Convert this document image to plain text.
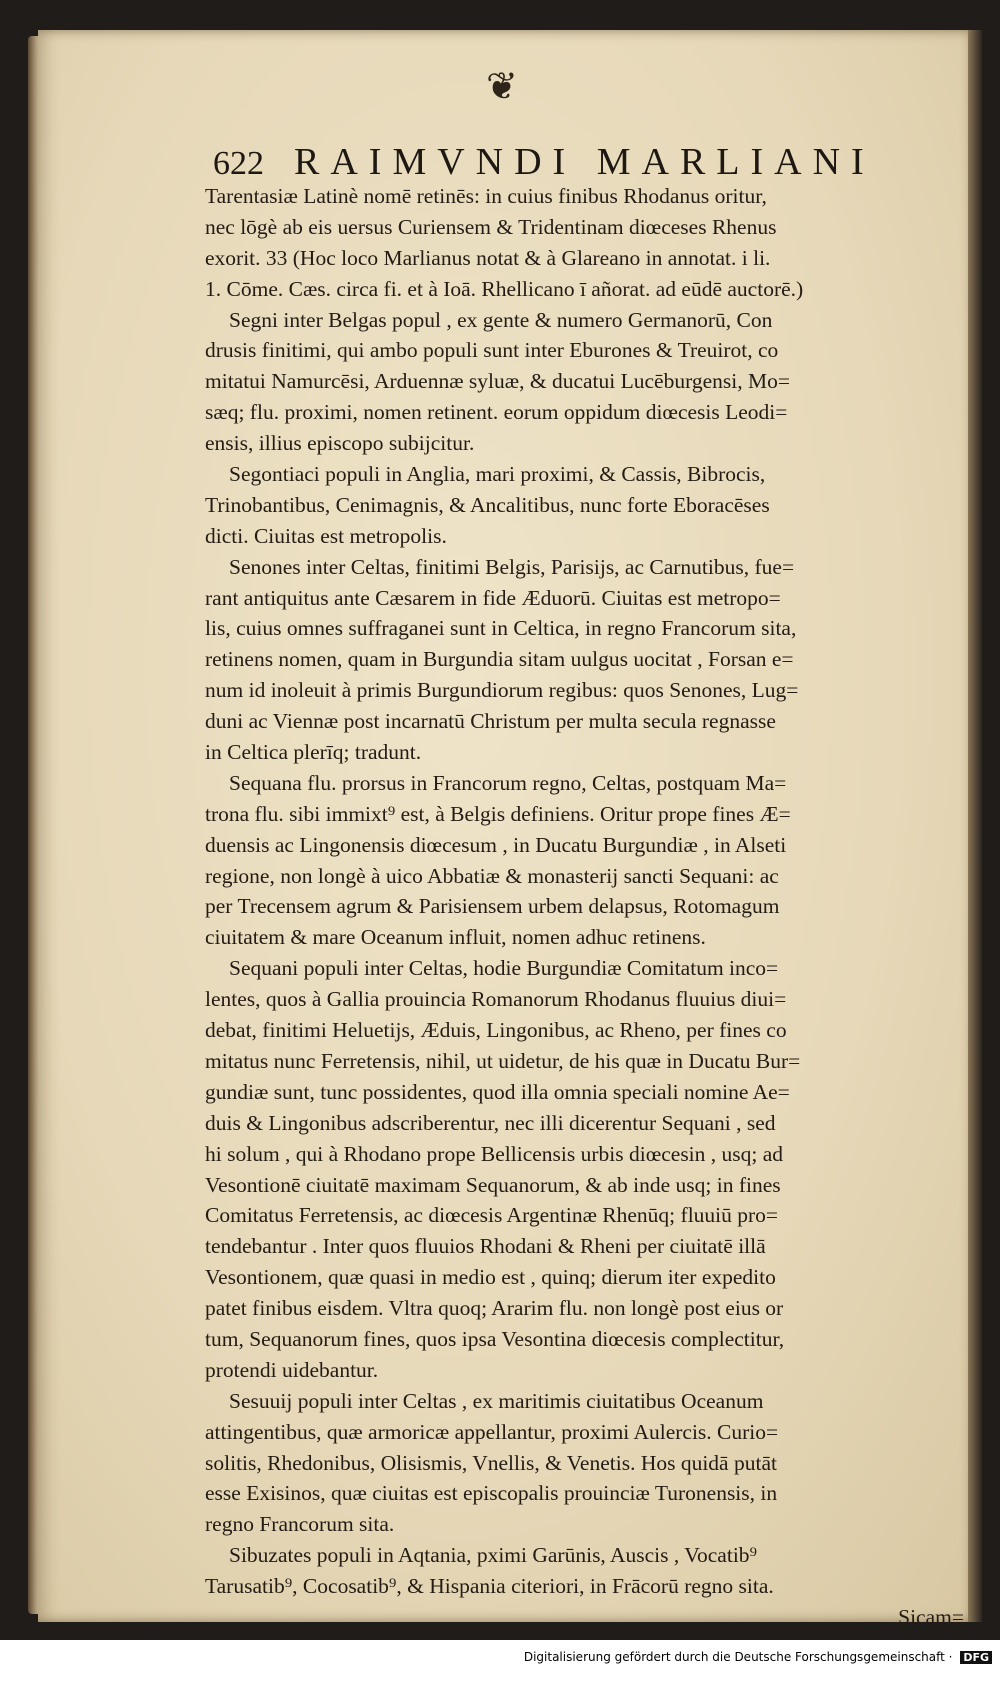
❦
622 RAIMVNDI MARLIANI
Tarentasiæ Latinè nomē retinēs: in cuius finibus Rhodanus oritur,
nec lōgè ab eis uersus Curiensem & Tridentinam diœceses Rhenus
exorit. 33 (Hoc loco Marlianus notat & à Glareano in annotat. i li.
1. Cōme. Cæs. circa fi. et à Ioā. Rhellicano ī añorat. ad eūdē auctorē.)
Segni inter Belgas popul , ex gente & numero Germanorū, Con
drusis finitimi, qui ambo populi sunt inter Eburones & Treuirot, co
mitatui Namurcēsi, Arduennæ syluæ, & ducatui Lucēburgensi, Mo=
sæq; flu. proximi, nomen retinent. eorum oppidum diœcesis Leodi=
ensis, illius episcopo subijcitur.
Segontiaci populi in Anglia, mari proximi, & Cassis, Bibrocis,
Trinobantibus, Cenimagnis, & Ancalitibus, nunc forte Eboracēses
dicti. Ciuitas est metropolis.
Senones inter Celtas, finitimi Belgis, Parisijs, ac Carnutibus, fue=
rant antiquitus ante Cæsarem in fide Æduorū. Ciuitas est metropo=
lis, cuius omnes suffraganei sunt in Celtica, in regno Francorum sita,
retinens nomen, quam in Burgundia sitam uulgus uocitat , Forsan e=
num id inoleuit à primis Burgundiorum regibus: quos Senones, Lug=
duni ac Viennæ post incarnatū Christum per multa secula regnasse
in Celtica plerīq; tradunt.
Sequana flu. prorsus in Francorum regno, Celtas, postquam Ma=
trona flu. sibi immixt⁹ est, à Belgis definiens. Oritur prope fines Æ=
duensis ac Lingonensis diœcesum , in Ducatu Burgundiæ , in Alseti
regione, non longè à uico Abbatiæ & monasterij sancti Sequani: ac
per Trecensem agrum & Parisiensem urbem delapsus, Rotomagum
ciuitatem & mare Oceanum influit, nomen adhuc retinens.
Sequani populi inter Celtas, hodie Burgundiæ Comitatum inco=
lentes, quos à Gallia prouincia Romanorum Rhodanus fluuius diui=
debat, finitimi Heluetijs, Æduis, Lingonibus, ac Rheno, per fines co
mitatus nunc Ferretensis, nihil, ut uidetur, de his quæ in Ducatu Bur=
gundiæ sunt, tunc possidentes, quod illa omnia speciali nomine Ae=
duis & Lingonibus adscriberentur, nec illi dicerentur Sequani , sed
hi solum , qui à Rhodano prope Bellicensis urbis diœcesin , usq; ad
Vesontionē ciuitatē maximam Sequanorum, & ab inde usq; in fines
Comitatus Ferretensis, ac diœcesis Argentinæ Rhenūq; fluuiū pro=
tendebantur . Inter quos fluuios Rhodani & Rheni per ciuitatē illā
Vesontionem, quæ quasi in medio est , quinq; dierum iter expedito
patet finibus eisdem. Vltra quoq; Ararim flu. non longè post eius or
tum, Sequanorum fines, quos ipsa Vesontina diœcesis complectitur,
protendi uidebantur.
Sesuuij populi inter Celtas , ex maritimis ciuitatibus Oceanum
attingentibus, quæ armoricæ appellantur, proximi Aulercis. Curio=
solitis, Rhedonibus, Olisismis, Vnellis, & Venetis. Hos quidā putāt
esse Exisinos, quæ ciuitas est episcopalis prouinciæ Turonensis, in
regno Francorum sita.
Sibuzates populi in Aqtania, pximi Garūnis, Auscis , Vocatib⁹
Tarusatib⁹, Cocosatib⁹, & Hispania citeriori, in Frācorū regno sita.
Sicam=
Digitalisierung gefördert durch die Deutsche Forschungsgemeinschaft · DFG
